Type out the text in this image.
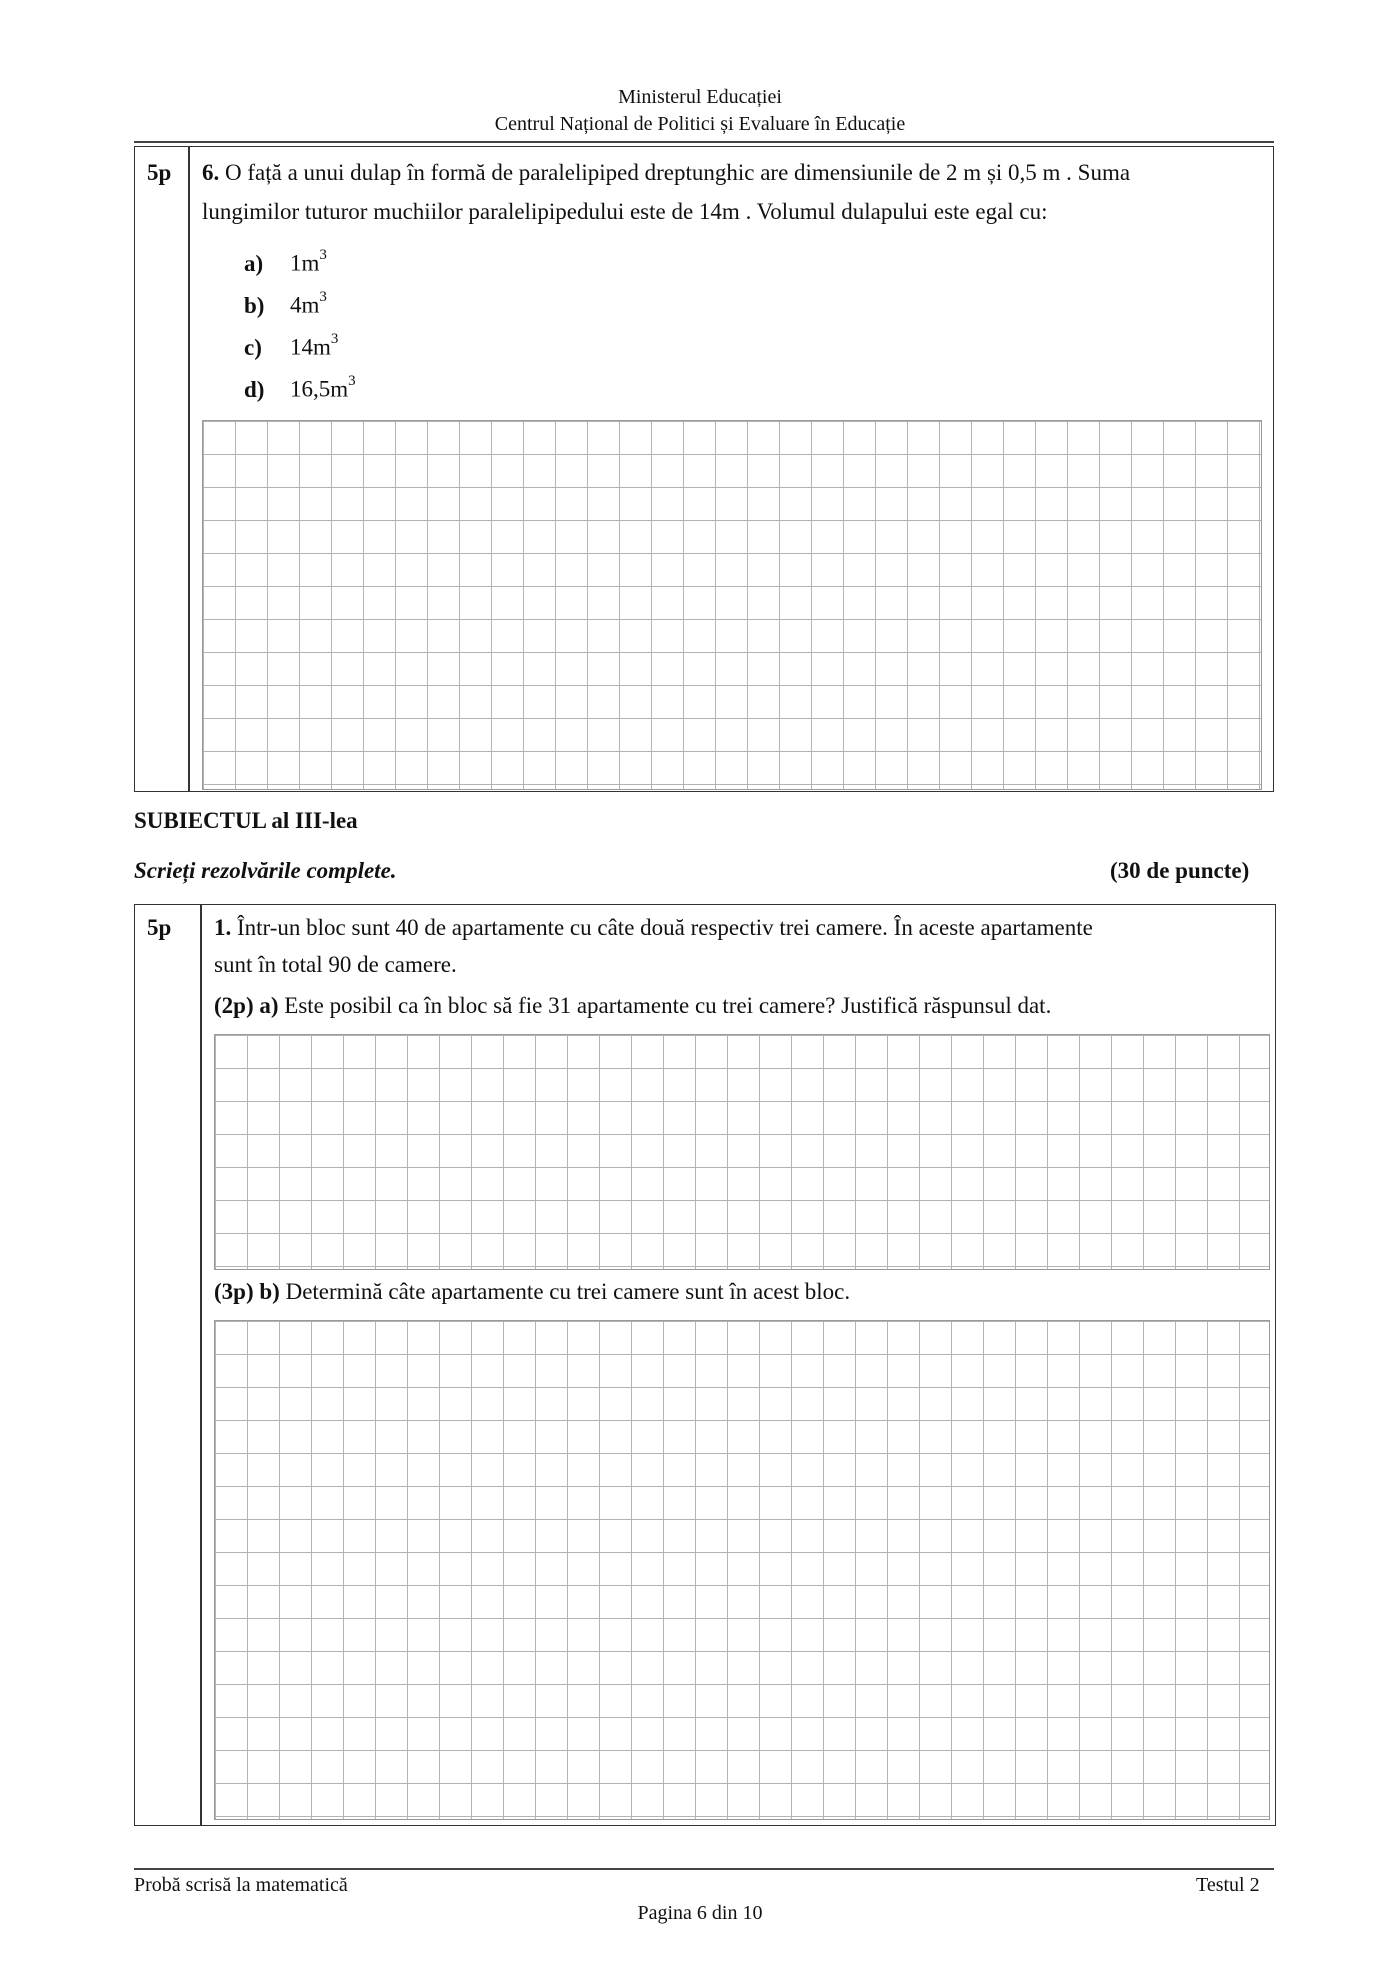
Ministerul Educației
Centrul Național de Politici și Evaluare în Educație
5p 6. O față a unui dulap în formă de paralelipiped dreptunghic are dimensiunile de 2 m și 0,5 m . Suma
lungimilor tuturor muchiilor paralelipipedului este de 14m . Volumul dulapului este egal cu:
a) $1m^3$
b) $4m^3$
c) $14m^3$
d) $16,5m^3$
SUBIECTUL al III-lea
Scrieți rezolvările complete.	(30 de puncte)
5p 1. Într-un bloc sunt 40 de apartamente cu câte două respectiv trei camere. În aceste apartamente
sunt în total 90 de camere.
(2p) a) Este posibil ca în bloc să fie 31 apartamente cu trei camere? Justifică răspunsul dat.
(3p) b) Determină câte apartamente cu trei camere sunt în acest bloc.
Probă scrisă la matematică	Testul 2
Pagina 6 din 10
